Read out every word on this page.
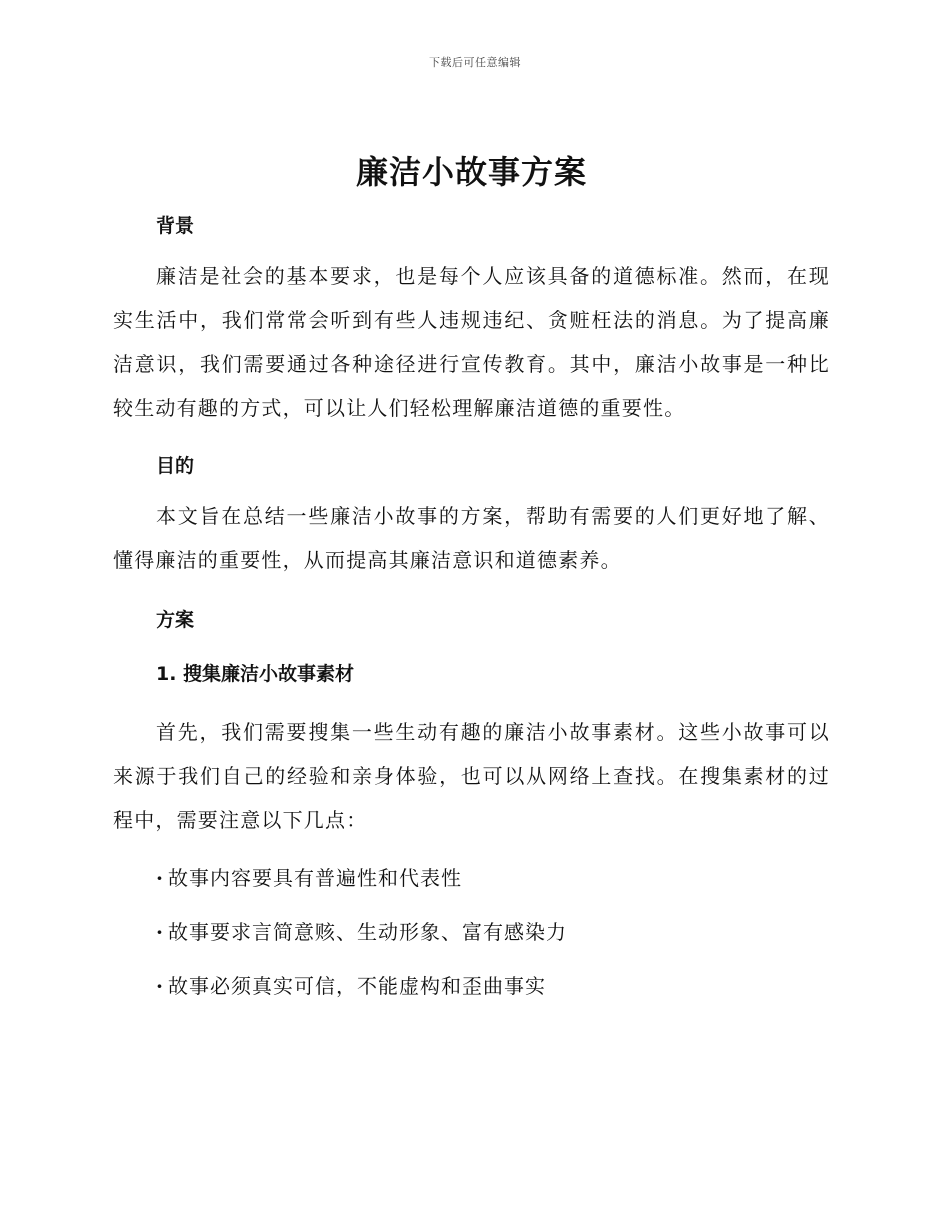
下载后可任意编辑
廉洁小故事方案
背景

廉洁是社会的基本要求，也是每个人应该具备的道德标准。然而，在现实生活中，我们常常会听到有些人违规违纪、贪赃枉法的消息。为了提高廉洁意识，我们需要通过各种途径进行宣传教育。其中，廉洁小故事是一种比较生动有趣的方式，可以让人们轻松理解廉洁道德的重要性。

目的

本文旨在总结一些廉洁小故事的方案，帮助有需要的人们更好地了解、懂得廉洁的重要性，从而提高其廉洁意识和道德素养。

方案
1. 搜集廉洁小故事素材

首先，我们需要搜集一些生动有趣的廉洁小故事素材。这些小故事可以来源于我们自己的经验和亲身体验，也可以从网络上查找。在搜集素材的过程中，需要注意以下几点：

· 故事内容要具有普遍性和代表性

· 故事要求言简意赅、生动形象、富有感染力

· 故事必须真实可信，不能虚构和歪曲事实
